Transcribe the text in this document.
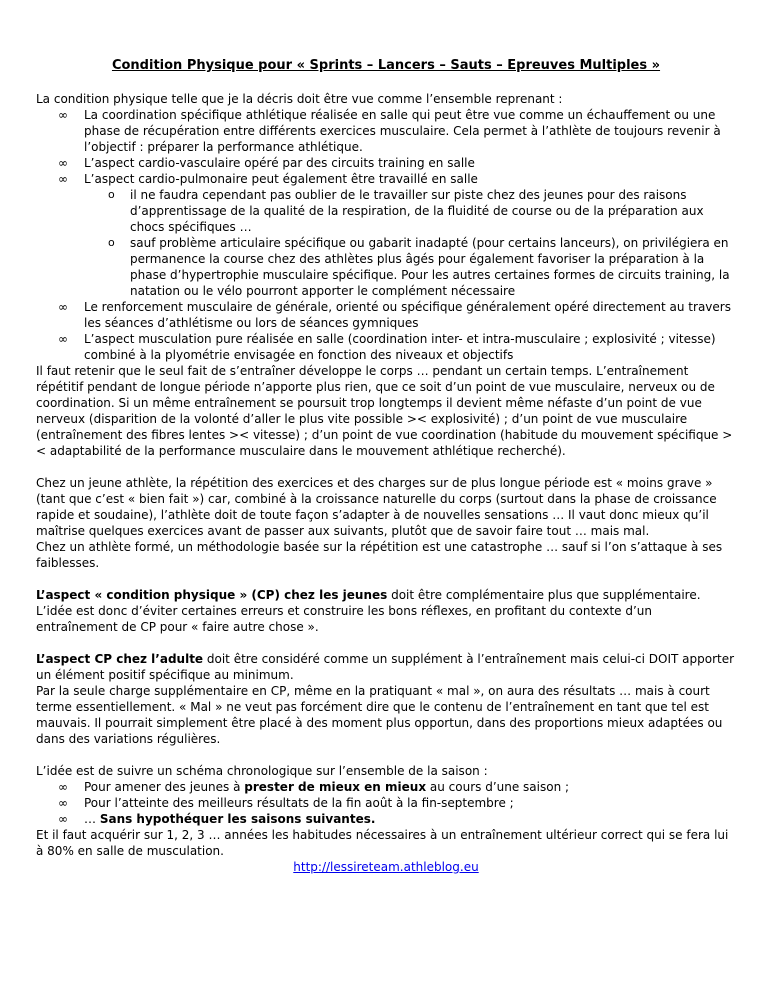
Condition Physique pour « Sprints – Lancers – Sauts – Epreuves Multiples »

La condition physique telle que je la décris doit être vue comme l’ensemble reprenant :

∞	La coordination spécifique athlétique réalisée en salle qui peut être vue comme un échauffement ou une phase de récupération entre différents exercices musculaire. Cela permet à l’athlète de toujours revenir à l’objectif : préparer la performance athlétique.
∞	L’aspect cardio-vasculaire opéré par des circuits training en salle
∞	L’aspect cardio-pulmonaire peut également être travaillé en salle
o	il ne faudra cependant pas oublier de le travailler sur piste chez des jeunes pour des raisons d’apprentissage de la qualité de la respiration, de la fluidité de course ou de la préparation aux chocs spécifiques …
o	sauf problème articulaire spécifique ou gabarit inadapté (pour certains lanceurs), on privilégiera en permanence la course chez des athlètes plus âgés pour également favoriser la préparation à la phase d’hypertrophie musculaire spécifique. Pour les autres certaines formes de circuits training, la natation ou le vélo pourront apporter le complément nécessaire
∞	Le renforcement musculaire de générale, orienté ou spécifique généralement opéré directement au travers les séances d’athlétisme ou lors de séances gymniques
∞	L’aspect musculation pure réalisée en salle (coordination inter- et intra-musculaire ; explosivité ; vitesse) combiné à la plyométrie envisagée en fonction des niveaux et objectifs

Il faut retenir que le seul fait de s’entraîner développe le corps … pendant un certain temps. L’entraînement répétitif pendant de longue période n’apporte plus rien, que ce soit d’un point de vue musculaire, nerveux ou de coordination. Si un même entraînement se poursuit trop longtemps il devient même néfaste d’un point de vue nerveux (disparition de la volonté d’aller le plus vite possible >< explosivité) ; d’un point de vue musculaire (entraînement des fibres lentes >< vitesse) ; d’un point de vue coordination (habitude du mouvement spécifique >< adaptabilité de la performance musculaire dans le mouvement athlétique recherché).

Chez un jeune athlète, la répétition des exercices et des charges sur de plus longue période est « moins grave » (tant que c’est « bien fait ») car, combiné à la croissance naturelle du corps (surtout dans la phase de croissance rapide et soudaine), l’athlète doit de toute façon s’adapter à de nouvelles sensations … Il vaut donc mieux qu’il maîtrise quelques exercices avant de passer aux suivants, plutôt que de savoir faire tout … mais mal.

Chez un athlète formé, un méthodologie basée sur la répétition est une catastrophe … sauf si l’on s’attaque à ses faiblesses.

L’aspect « condition physique » (CP) chez les jeunes doit être complémentaire plus que supplémentaire.

L’idée est donc d’éviter certaines erreurs et construire les bons réflexes, en profitant du contexte d’un entraînement de CP pour « faire autre chose ».

L’aspect CP chez l’adulte doit être considéré comme un supplément à l’entraînement mais celui-ci DOIT apporter un élément positif spécifique au minimum.

Par la seule charge supplémentaire en CP, même en la pratiquant « mal », on aura des résultats … mais à court terme essentiellement. « Mal » ne veut pas forcément dire que le contenu de l’entraînement en tant que tel est mauvais. Il pourrait simplement être placé à des moment plus opportun, dans des proportions mieux adaptées ou dans des variations régulières.

L’idée est de suivre un schéma chronologique sur l’ensemble de la saison :

∞	Pour amener des jeunes à prester de mieux en mieux au cours d’une saison ;
∞	Pour l’atteinte des meilleurs résultats de la fin août à la fin-septembre ;
∞	… Sans hypothéquer les saisons suivantes.

Et il faut acquérir sur 1, 2, 3 … années les habitudes nécessaires à un entraînement ultérieur correct qui se fera lui à 80% en salle de musculation.

http://lessireteam.athleblog.eu
